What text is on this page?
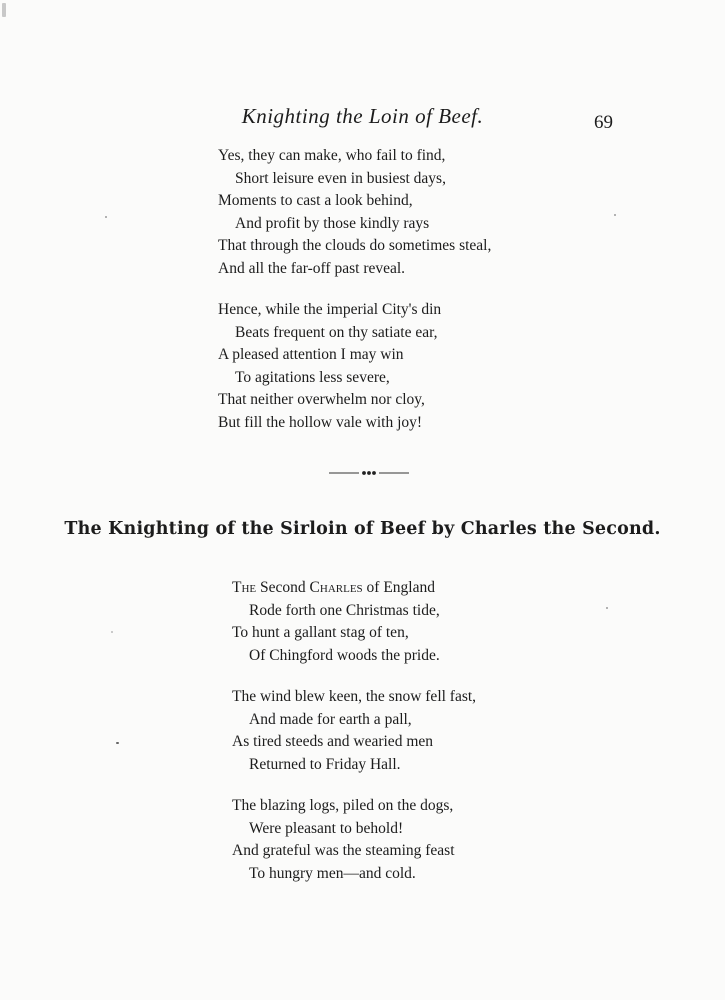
Knighting the Loin of Beef.	69
Yes, they can make, who fail to find,
Short leisure even in busiest days,
Moments to cast a look behind,
And profit by those kindly rays
That through the clouds do sometimes steal,
And all the far-off past reveal.
Hence, while the imperial City's din
Beats frequent on thy satiate ear,
A pleased attention I may win
To agitations less severe,
That neither overwhelm nor cloy,
But fill the hollow vale with joy!
The Knighting of the Sirloin of Beef by Charles the Second.
The Second Charles of England
Rode forth one Christmas tide,
To hunt a gallant stag of ten,
Of Chingford woods the pride.
The wind blew keen, the snow fell fast,
And made for earth a pall,
As tired steeds and wearied men
Returned to Friday Hall.
The blazing logs, piled on the dogs,
Were pleasant to behold!
And grateful was the steaming feast
To hungry men—and cold.
